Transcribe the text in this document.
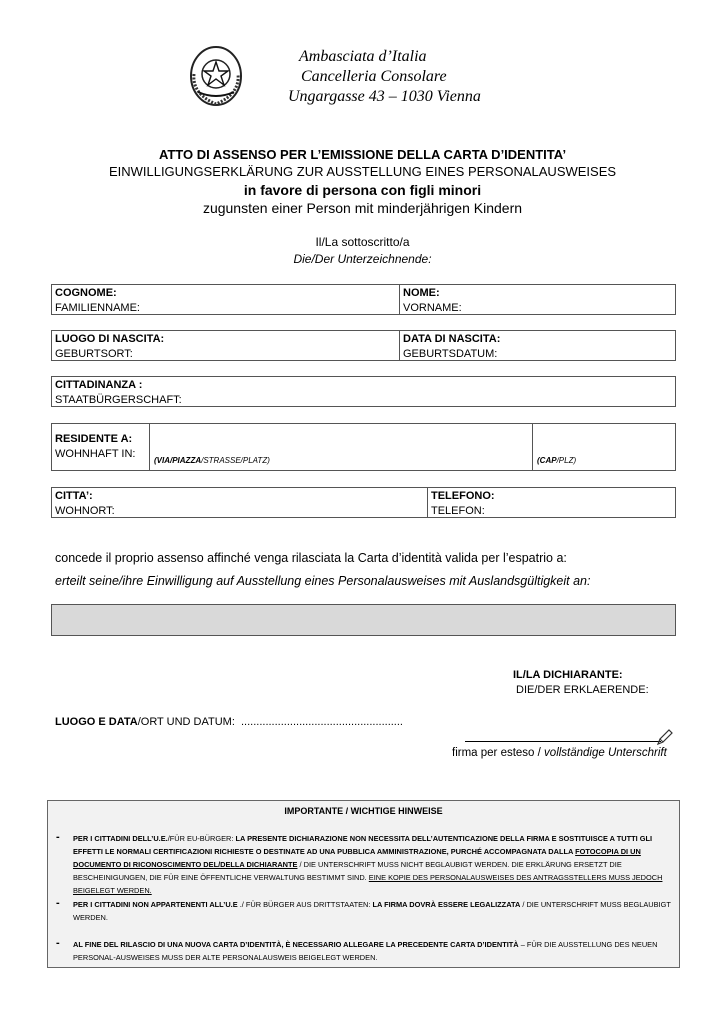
Ambasciata d’Italia
Cancelleria Consolare
Ungargasse 43 – 1030 Vienna
ATTO DI ASSENSO PER L’EMISSIONE DELLA CARTA D’IDENTITA’
EINWILLIGUNGSERKLÄRUNG ZUR AUSSTELLUNG EINES PERSONALAUSWEISES
in favore di persona con figli minori
zugunsten einer Person mit minderjährigen Kindern
Il/La sottoscritto/a
Die/Der Unterzeichnende:
COGNOME:
FAMILIENNAME:
NOME:
VORNAME:
LUOGO DI NASCITA:
GEBURTSORT:
DATA DI NASCITA:
GEBURTSDATUM:
CITTADINANZA :
STAATBÜRGERSCHAFT:
RESIDENTE A:
WOHNHAFT IN:
(VIA/PIAZZA/STRASSE/PLATZ)	(CAP/PLZ)
CITTA’:
WOHNORT:
TELEFONO:
TELEFON:
concede il proprio assenso affinché venga rilasciata la Carta d’identità valida per l’espatrio a:
erteilt seine/ihre Einwilligung auf Ausstellung eines Personalausweises mit Auslandsgültigkeit an:
IL/LA DICHIARANTE:
DIE/DER ERKLAERENDE:
LUOGO E DATA/ORT UND DATUM: .....................................................
firma per esteso / vollständige Unterschrift
IMPORTANTE / WICHTIGE HINWEISE
- PER I CITTADINI DELL’U.E./FÜR EU-BÜRGER: LA PRESENTE DICHIARAZIONE NON NECESSITA DELL’AUTENTICAZIONE DELLA FIRMA E SOSTITUISCE A TUTTI GLI EFFETTI LE NORMALI CERTIFICAZIONI RICHIESTE O DESTINATE AD UNA PUBBLICA AMMINISTRAZIONE, PURCHÉ ACCOMPAGNATA DALLA FOTOCOPIA DI UN DOCUMENTO DI RICONOSCIMENTO DEL/DELLA DICHIARANTE / DIE UNTERSCHRIFT MUSS NICHT BEGLAUBIGT WERDEN. DIE ERKLÄRUNG ERSETZT DIE BESCHEINIGUNGEN, DIE FÜR EINE ÖFFENTLICHE VERWALTUNG BESTIMMT SIND. EINE KOPIE DES PERSONALAUSWEISES DES ANTRAGSSTELLERS MUSS JEDOCH BEIGELEGT WERDEN.
- PER I CITTADINI NON APPARTENENTI ALL’U.E ./ FÜR BÜRGER AUS DRITTSTAATEN: LA FIRMA DOVRÀ ESSERE LEGALIZZATA / DIE UNTERSCHRIFT MUSS BEGLAUBIGT WERDEN.
- AL FINE DEL RILASCIO DI UNA NUOVA CARTA D’IDENTITÀ, È NECESSARIO ALLEGARE LA PRECEDENTE CARTA D’IDENTITÀ – FÜR DIE AUSSTELLUNG DES NEUEN PERSONAL-AUSWEISES MUSS DER ALTE PERSONALAUSWEIS BEIGELEGT WERDEN.
